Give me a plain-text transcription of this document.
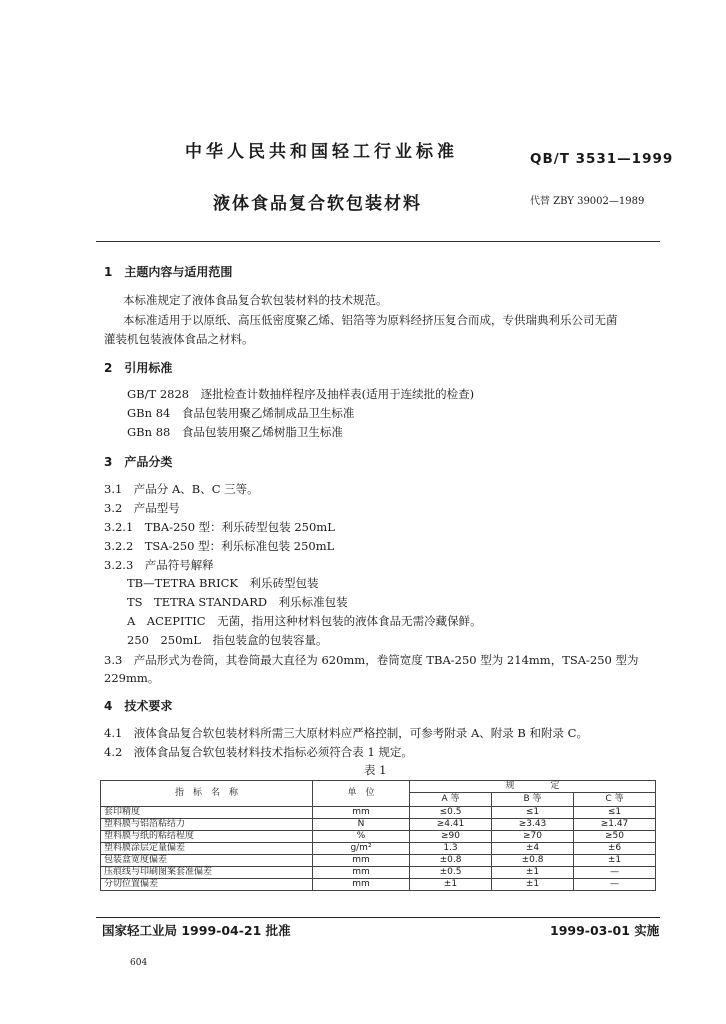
中华人民共和国轻工行业标准	QB/T 3531—1999
液体食品复合软包装材料	代替 ZBY 39002—1989
1　主题内容与适用范围
本标准规定了液体食品复合软包装材料的技术规范。
本标准适用于以原纸、高压低密度聚乙烯、铝箔等为原料经挤压复合而成，专供瑞典利乐公司无菌
灌装机包装液体食品之材料。
2　引用标准
GB/T 2828　逐批检查计数抽样程序及抽样表(适用于连续批的检查)
GBn 84　食品包装用聚乙烯制成品卫生标准
GBn 88　食品包装用聚乙烯树脂卫生标准
3　产品分类
3.1　产品分 A、B、C 三等。
3.2　产品型号
3.2.1　TBA-250 型：利乐砖型包装 250mL
3.2.2　TSA-250 型：利乐标准包装 250mL
3.2.3　产品符号解释
TB—TETRA BRICK　利乐砖型包装
TS　TETRA STANDARD　利乐标准包装
A　ACEPITIC　无菌，指用这种材料包装的液体食品无需冷藏保鲜。
250　250mL　指包装盒的包装容量。
3.3　产品形式为卷筒，其卷筒最大直径为 620mm，卷筒宽度 TBA-250 型为 214mm，TSA-250 型为
229mm。
4　技术要求
4.1　液体食品复合软包装材料所需三大原材料应严格控制，可参考附录 A、附录 B 和附录 C。
4.2　液体食品复合软包装材料技术指标必须符合表 1 规定。
表 1
指　标　名　称	单　位	规　　　　定		
		A 等	B 等	C 等
套印精度	mm	≤0.5	≤1	≤1
塑料膜与铝箔粘结力	N	≥4.41	≥3.43	≥1.47
塑料膜与纸的粘结程度	%	≥90	≥70	≥50
塑料膜涂层定量偏差	g/m²	1.3	±4	±6
包装盒宽度偏差	mm	±0.8	±0.8	±1
压痕线与印刷图案套准偏差	mm	±0.5	±1	—
分切位置偏差	mm	±1	±1	—
国家轻工业局 1999-04-21 批准	1999-03-01 实施
604
